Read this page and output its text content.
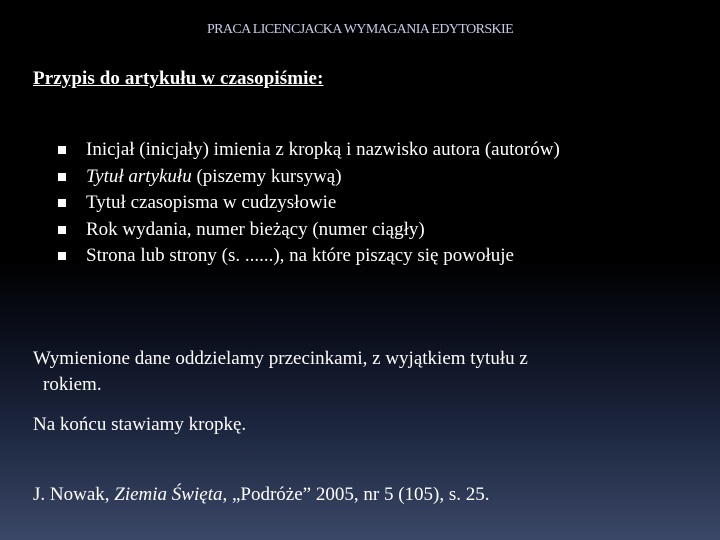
PRACA LICENCJACKA WYMAGANIA EDYTORSKIE
Przypis do artykułu w czasopiśmie:
Inicjał (inicjały) imienia z kropką i nazwisko autora (autorów)
Tytuł artykułu (piszemy kursywą)
Tytuł czasopisma w cudzysłowie
Rok wydania, numer bieżący (numer ciągły)
Strona lub strony (s. ......), na które piszący się powołuje
Wymienione dane oddzielamy przecinkami, z wyjątkiem tytułu z
rokiem.
Na końcu stawiamy kropkę.
J. Nowak, Ziemia Święta, „Podróże” 2005, nr 5 (105), s. 25.
